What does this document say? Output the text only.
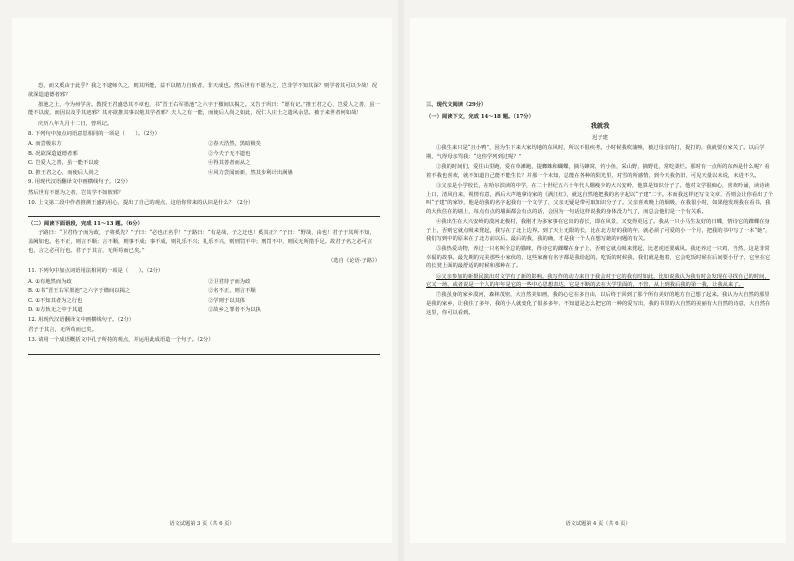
恐，而又奚由于此乎？我之不逮师久之，则其所能，益不以精力自致者，非天成也。然后世有不愿为之，岂非学不知其深？则学者其可以少哉！况欲深造道德者邪？

墨池之上，今为州学舍。教授王君盛恐其不章也，书“晋王右军墨池”之六字于楹间以揭之。又告于巩曰：“愿有记。”推王君之心，岂爱人之善，虽一能不以废，而因以及乎其迹邪？其亦欲推其事以勉其学者邪？夫人之有一能，而使后人尚之如此，况仁人庄士之遗风余思，被于来世者何如哉！

庆历八年九月十二日，曾巩记。

8. 下列句中加点词语意思相同的一项是（　　）。（2分）

A. 而尝极东方	②春天浩然，黑暗极矣
B. 况欲深造道德者邪	②今夫子无不遗也
C. 岂爱人之善，虽一能不以废	④得其善者而从之
D. 推王君之心，而使后人尚之	④风力尝闻而新，然其步利计出满愚

9. 用现代汉语翻译文中画横线句子。（2分）

然后世有不愿为之者，岂其学不如彼邪？

10. 上文第二段中作者推测王盛的用心，提出了自己的观点，这给你带来的认识是什么？（2分）

（二）阅读下面语段，完成 11～13 题。（6分）

子路曰：“卫君待子而为政，子将奚先？”子曰：“必也正名乎！”子路曰：“有是哉，子之迂也！奚其正？”子曰：“野哉，由也！君子于其所不知，盖阙如也。名不正，则言不顺；言不顺，则事不成；事不成，则礼乐不兴；礼乐不兴，则刑罚不中；刑罚不中，则民无所措手足。故君子名之必可言也，言之必可行也。君子于其言，无所苟而已矣。”

（选自《论语·子路》）

11. 下列句中加点词语用法相同的一项是（　　）。（2分）

A. ①有地然而为政	②卫君待子而为政
B. ①书“晋王右军墨池”之六字于楹间以揭之	②名不正，则言不顺
C. ①不知其者为之行也	②学则于以其体
D. ①方轨无之中于其道	②故乡之罪者不为以执

12. 用现代汉语翻译文中画横线句子。（2分）

君子于其言，无所苟而已矣。

13. 请用一个成语概括文中孔子所持的观点，并运用此成语造一个句子。（2分）

语文试题第 3 页（共 6 页）

三、现代文阅读（29分）

（一）阅读下文，完成 14～18 题。（17分）

我就我

迟子建

①我生来只是“且小鸭”，因为生下来大家均地的东风时，所以不很疾考。小时候我吹蒲唤，被过母亲的打，捉打的，我就要有家关了。以后学期，气得母亲骂我：“这你学列到过呢？”

②我的时间们，爱往山里跑，爱在草滩跑，提蜘蛛和蝴蝶，摘马蜂窝，钓小鱼，采山野，摘野花，常吃柔烂。那时有一点所的东西是什么呢？看着不我也喜欢，就不知道自己能不能生长？并那一个未知，总能在各种的阳光里，对雪的所感情，到今天我仍旧，可见天量以未说，未进不久。

③父亲是小学校长，在哈尔滨读的中学，在二十世纪五六十年代人绷瘦少的大兴安岭，他算是知识分子了。他对文学很痴心，喜欢吟诵，读诗读上口，清风自来，视情有意，酒后大声地拿诗家的《满江红》，就这自然地把我的名字起以“子建”二字。本而我这样还写文文章，否则会让你看出了个叫“子建”的家钞，他是给我的名字起我有一个文学了，父亲无疑是带可取知识分子了。父亲喜欢晚上的烟吸，在我很小时，如果他发现我在看书，我的大伙住在的墙上，每点有点的墙面都会有点的话，会因为一句话这样说我的身体没力气了，而总会他们是一个有关系。

④我出生在大兴安岭的漠河北极村，我刚才为多家事在它出的春长，即在风景，又变得更远了。我从一只小马生友好的日蝶，情诗它的踝蝶在身子上，否则它就点吸来凳起，我写在了北上边界。到了天上无限的长，比在北方好的我的年，就必须了可爱的小一个月，把我的书中写了一本“她”，我们写到中的原来在了北方前以后。最后的我，我的确，才是我一个人在想写她的问题的有关。

⑤我热爱动物，养过一只名叫全总的猫咪，得诗它的踝蝶在身子上，否则它就点吸来凳起，比老虎还要威风。我还养过一只鸡，当然，这是非常幸福的故事。最先期的完美那些小家伙的，这些家畜有名字都是我给起的。吃饭的时候我，我们就是抱着，它会吃饭时候在后间要小仔子，它坐在它的长凳上面的最舒适的时候和那种在了。

⑥父亲参加的新摄民演出对文学有了新的影响。我写作的动力来自于我会对于它的我有时如此，比如说我认为我有时会发现在寻找自己的时间，它又一场，或者说是一个人的年年是它的一些中心思想表达，它是不断的去在大学里面的，不管，从上到我后我的第一我，让我从来了。

⑦我虽身的家乡漠河，森林茂密，大自然美如画，我的心它在多自由，以后终于回到了那个所有美好的地方自己想了起来。我认为大自然的那里是我的家乡，让我住了多年，我的小人就变化了很多多年，不知道是怎么把它的一种的爱写出，我的书里的大自然的美丽有大自然的诗意，大自然在这里，你可以看到。

语文试题第 4 页（共 6 页）
